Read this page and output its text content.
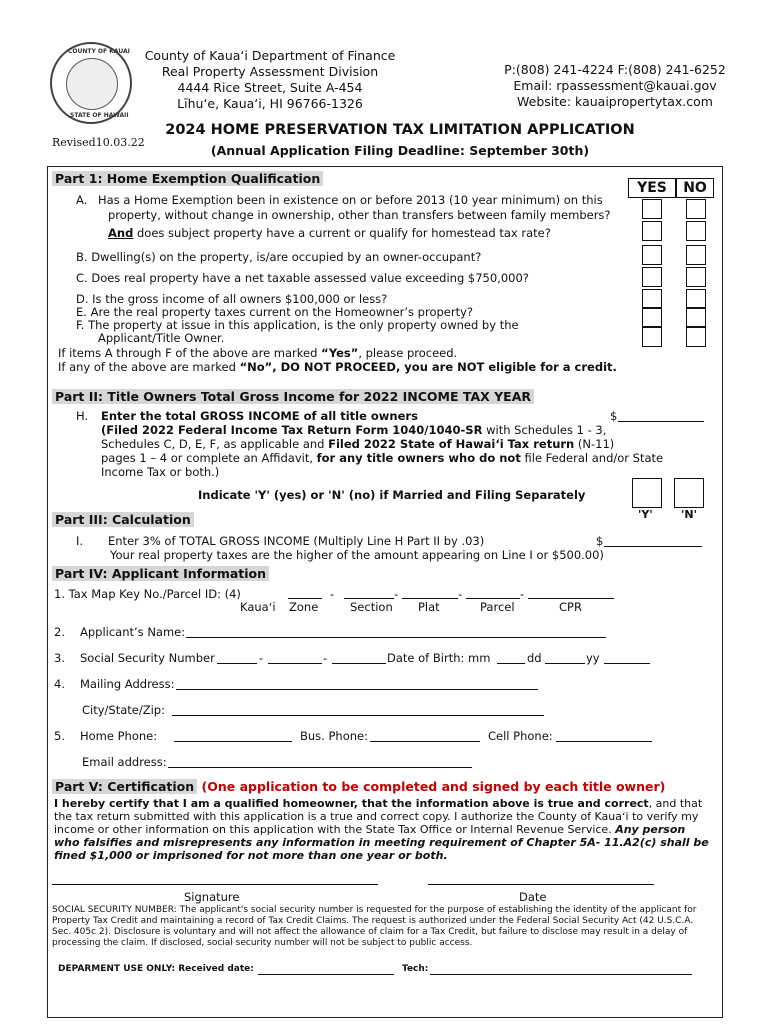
COUNTY OF KAUAI
STATE OF HAWAII
County of Kauaʻi Department of Finance
Real Property Assessment Division
4444 Rice Street, Suite A-454
Līhuʻe, Kauaʻi, HI 96766-1326
P:(808) 241-4224 F:(808) 241-6252
Email: rpassessment@kauai.gov
Website: kauaipropertytax.com
Revised10.03.22
2024 HOME PRESERVATION TAX LIMITATION APPLICATION
(Annual Application Filing Deadline: September 30th)
Part 1: Home Exemption Qualification
YES	NO
A. Has a Home Exemption been in existence on or before 2013 (10 year minimum) on this
property, without change in ownership, other than transfers between family members?
And does subject property have a current or qualify for homestead tax rate?
B. Dwelling(s) on the property, is/are occupied by an owner-occupant?
C. Does real property have a net taxable assessed value exceeding $750,000?
D. Is the gross income of all owners $100,000 or less?
E. Are the real property taxes current on the Homeowner’s property?
F. The property at issue in this application, is the only property owned by the
Applicant/Title Owner.
If items A through F of the above are marked “Yes”, please proceed.
If any of the above are marked “No”, DO NOT PROCEED, you are NOT eligible for a credit.
Part II: Title Owners Total Gross Income for 2022 INCOME TAX YEAR
H. Enter the total GROSS INCOME of all title owners	$
(Filed 2022 Federal Income Tax Return Form 1040/1040-SR with Schedules 1 - 3,
Schedules C, D, E, F, as applicable and Filed 2022 State of Hawai‘i Tax return (N-11)
pages 1 – 4 or complete an Affidavit, for any title owners who do not file Federal and/or State
Income Tax or both.)
Indicate 'Y' (yes) or 'N' (no) if Married and Filing Separately
'Y'	'N'
Part III: Calculation
I. Enter 3% of TOTAL GROSS INCOME (Multiply Line H Part II by .03)	$
Your real property taxes are the higher of the amount appearing on Line I or $500.00)
Part IV: Applicant Information
1. Tax Map Key No./Parcel ID: (4)	-	-	-	-
Kauaʻi Zone	Section Plat	Parcel	CPR
2. Applicant’s Name:
3. Social Security Number	-	-	Date of Birth: mm	dd	yy
4. Mailing Address:
City/State/Zip:
5. Home Phone:	Bus. Phone:	Cell Phone:
Email address:
Part V: Certification (One application to be completed and signed by each title owner)
I hereby certify that I am a qualified homeowner, that the information above is true and correct, and that
the tax return submitted with this application is a true and correct copy. I authorize the County of Kauaʻi to verify my
income or other information on this application with the State Tax Office or Internal Revenue Service. Any person
who falsifies and misrepresents any information in meeting requirement of Chapter 5A- 11.A2(c) shall be
fined $1,000 or imprisoned for not more than one year or both.
Signature	Date
SOCIAL SECURITY NUMBER: The applicant's social security number is requested for the purpose of establishing the identity of the applicant for
Property Tax Credit and maintaining a record of Tax Credit Claims. The request is authorized under the Federal Social Security Act (42 U.S.C.A.
Sec. 405c 2). Disclosure is voluntary and will not affect the allowance of claim for a Tax Credit, but failure to disclose may result in a delay of
processing the claim. If disclosed, social security number will not be subject to public access.
DEPARMENT USE ONLY: Received date:	Tech:
